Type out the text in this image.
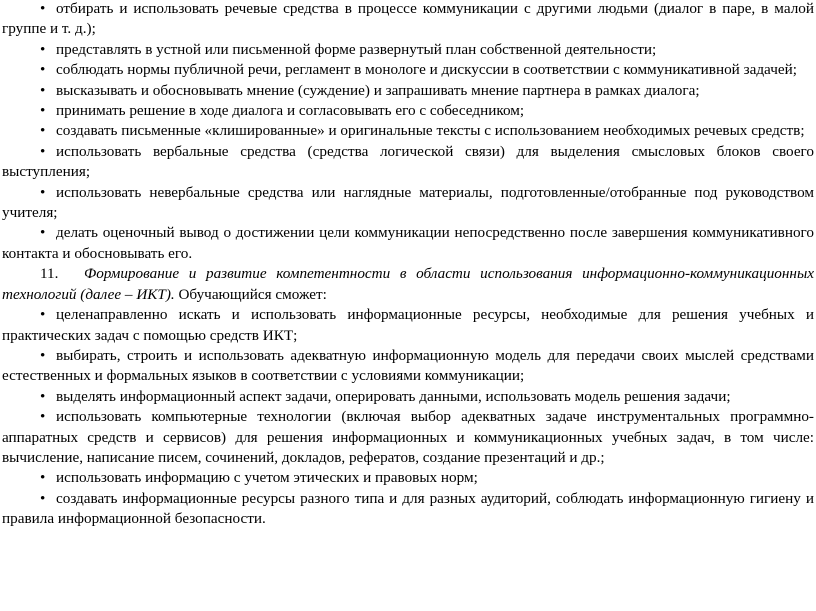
• отбирать и использовать речевые средства в процессе коммуникации с другими людьми (диалог в паре, в малой группе и т. д.);

• представлять в устной или письменной форме развернутый план собственной деятельности;

• соблюдать нормы публичной речи, регламент в монологе и дискуссии в соответствии с коммуникативной задачей;

• высказывать и обосновывать мнение (суждение) и запрашивать мнение партнера в рамках диалога;

• принимать решение в ходе диалога и согласовывать его с собеседником;

• создавать письменные «клишированные» и оригинальные тексты с использованием необходимых речевых средств;

• использовать вербальные средства (средства логической связи) для выделения смысловых блоков своего выступления;

• использовать невербальные средства или наглядные материалы, подготовленные/отобранные под руководством учителя;

• делать оценочный вывод о достижении цели коммуникации непосредственно после завершения коммуникативного контакта и обосновывать его.

11. Формирование и развитие компетентности в области использования информационно-коммуникационных технологий (далее – ИКТ). Обучающийся сможет:

• целенаправленно искать и использовать информационные ресурсы, необходимые для решения учебных и практических задач с помощью средств ИКТ;

• выбирать, строить и использовать адекватную информационную модель для передачи своих мыслей средствами естественных и формальных языков в соответствии с условиями коммуникации;

• выделять информационный аспект задачи, оперировать данными, использовать модель решения задачи;

• использовать компьютерные технологии (включая выбор адекватных задаче инструментальных программно-аппаратных средств и сервисов) для решения информационных и коммуникационных учебных задач, в том числе: вычисление, написание писем, сочинений, докладов, рефератов, создание презентаций и др.;

• использовать информацию с учетом этических и правовых норм;

• создавать информационные ресурсы разного типа и для разных аудиторий, соблюдать информационную гигиену и правила информационной безопасности.
